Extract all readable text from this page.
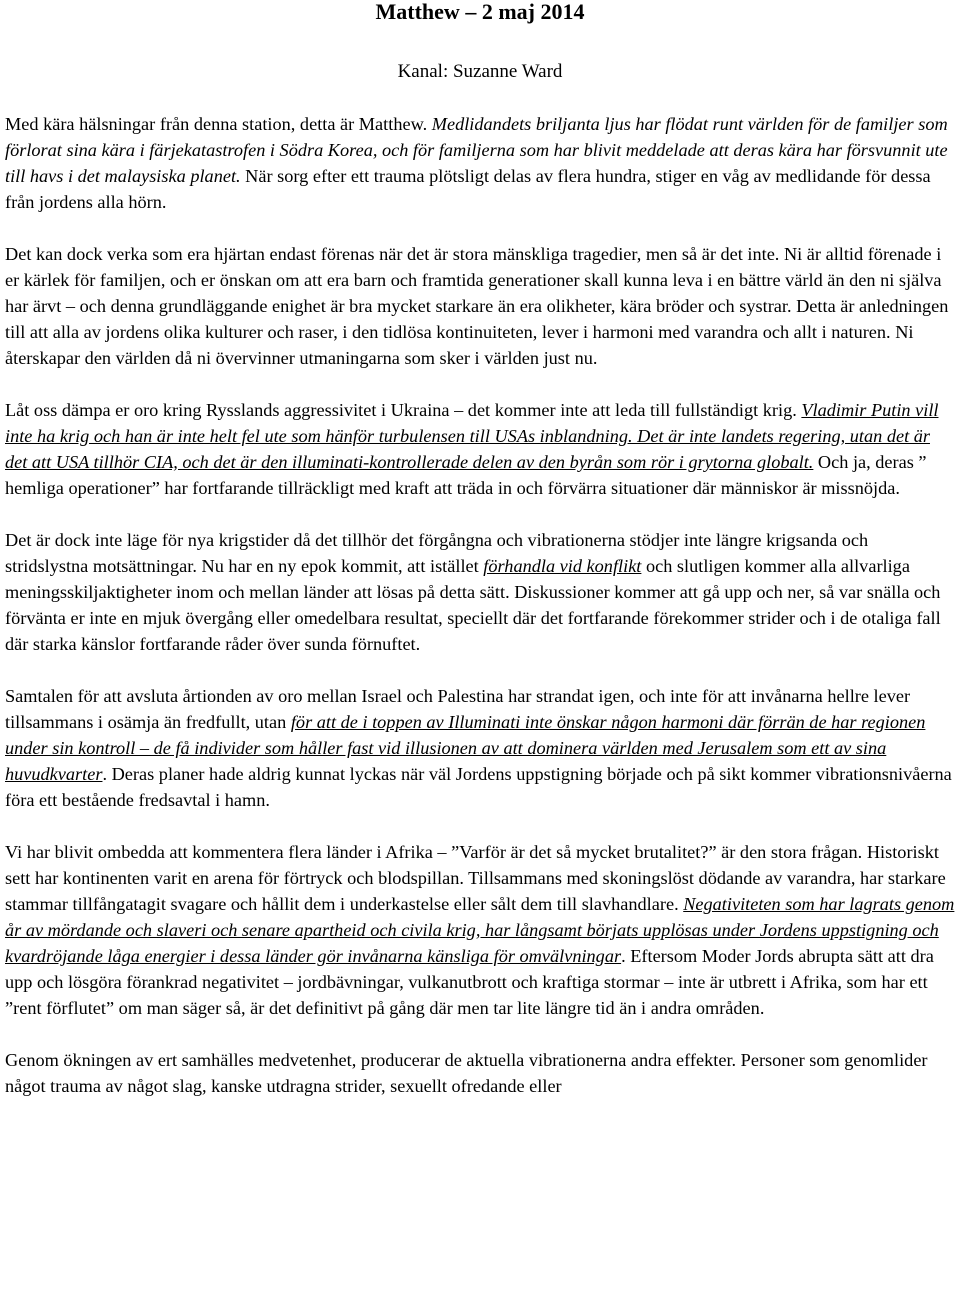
Matthew – 2 maj 2014
Kanal: Suzanne Ward

Med kära hälsningar från denna station, detta är Matthew. Medlidandets briljanta ljus har flödat runt världen för de familjer som förlorat sina kära i färjekatastrofen i Södra Korea, och för familjerna som har blivit meddelade att deras kära har försvunnit ute till havs i det malaysiska planet. När sorg efter ett trauma plötsligt delas av flera hundra, stiger en våg av medlidande för dessa från jordens alla hörn.

Det kan dock verka som era hjärtan endast förenas när det är stora mänskliga tragedier, men så är det inte. Ni är alltid förenade i er kärlek för familjen, och er önskan om att era barn och framtida generationer skall kunna leva i en bättre värld än den ni själva har ärvt – och denna grundläggande enighet är bra mycket starkare än era olikheter, kära bröder och systrar. Detta är anledningen till att alla av jordens olika kulturer och raser, i den tidlösa kontinuiteten, lever i harmoni med varandra och allt i naturen. Ni återskapar den världen då ni övervinner utmaningarna som sker i världen just nu.

Låt oss dämpa er oro kring Rysslands aggressivitet i Ukraina – det kommer inte att leda till fullständigt krig. Vladimir Putin vill inte ha krig och han är inte helt fel ute som hänför turbulensen till USAs inblandning. Det är inte landets regering, utan det är det att USA tillhör CIA, och det är den illuminati-kontrollerade delen av den byrån som rör i grytorna globalt. Och ja, deras ” hemliga operationer” har fortfarande tillräckligt med kraft att träda in och förvärra situationer där människor är missnöjda.

Det är dock inte läge för nya krigstider då det tillhör det förgångna och vibrationerna stödjer inte längre krigsanda och stridslystna motsättningar. Nu har en ny epok kommit, att istället förhandla vid konflikt och slutligen kommer alla allvarliga meningsskiljaktigheter inom och mellan länder att lösas på detta sätt. Diskussioner kommer att gå upp och ner, så var snälla och förvänta er inte en mjuk övergång eller omedelbara resultat, speciellt där det fortfarande förekommer strider och i de otaliga fall där starka känslor fortfarande råder över sunda förnuftet.

Samtalen för att avsluta årtionden av oro mellan Israel och Palestina har strandat igen, och inte för att invånarna hellre lever tillsammans i osämja än fredfullt, utan för att de i toppen av Illuminati inte önskar någon harmoni där förrän de har regionen under sin kontroll – de få individer som håller fast vid illusionen av att dominera världen med Jerusalem som ett av sina huvudkvarter. Deras planer hade aldrig kunnat lyckas när väl Jordens uppstigning började och på sikt kommer vibrationsnivåerna föra ett bestående fredsavtal i hamn.

Vi har blivit ombedda att kommentera flera länder i Afrika – ”Varför är det så mycket brutalitet?” är den stora frågan. Historiskt sett har kontinenten varit en arena för förtryck och blodspillan. Tillsammans med skoningslöst dödande av varandra, har starkare stammar tillfångatagit svagare och hållit dem i underkastelse eller sålt dem till slavhandlare. Negativiteten som har lagrats genom år av mördande och slaveri och senare apartheid och civila krig, har långsamt börjats upplösas under Jordens uppstigning och kvardröjande låga energier i dessa länder gör invånarna känsliga för omvälvningar. Eftersom Moder Jords abrupta sätt att dra upp och lösgöra förankrad negativitet – jordbävningar, vulkanutbrott och kraftiga stormar – inte är utbrett i Afrika, som har ett ”rent förflutet” om man säger så, är det definitivt på gång där men tar lite längre tid än i andra områden.

Genom ökningen av ert samhälles medvetenhet, producerar de aktuella vibrationerna andra effekter. Personer som genomlider något trauma av något slag, kanske utdragna strider, sexuellt ofredande eller
